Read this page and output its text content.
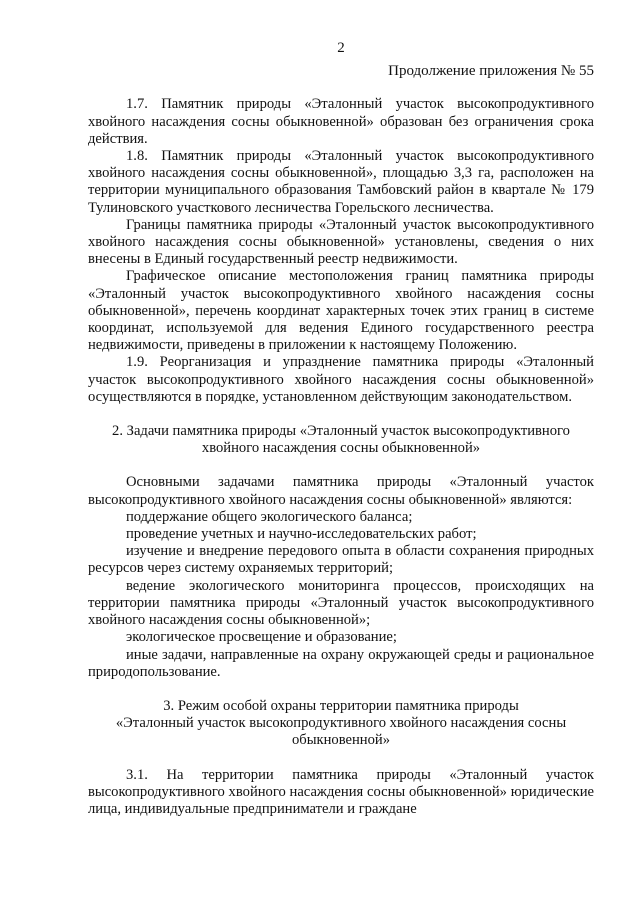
2
Продолжение приложения № 55

1.7. Памятник природы «Эталонный участок высокопродуктивного хвойного насаждения сосны обыкновенной» образован без ограничения срока действия.

1.8. Памятник природы «Эталонный участок высокопродуктивного хвойного насаждения сосны обыкновенной», площадью 3,3 га, расположен на территории муниципального образования Тамбовский район в квартале № 179 Тулиновского участкового лесничества Горельского лесничества.

Границы памятника природы «Эталонный участок высокопродуктивного хвойного насаждения сосны обыкновенной» установлены, сведения о них внесены в Единый государственный реестр недвижимости.

Графическое описание местоположения границ памятника природы «Эталонный участок высокопродуктивного хвойного насаждения сосны обыкновенной», перечень координат характерных точек этих границ в системе координат, используемой для ведения Единого государственного реестра недвижимости, приведены в приложении к настоящему Положению.

1.9. Реорганизация и упразднение памятника природы «Эталонный участок высокопродуктивного хвойного насаждения сосны обыкновенной» осуществляются в порядке, установленном действующим законодательством.

2. Задачи памятника природы «Эталонный участок высокопродуктивного
хвойного насаждения сосны обыкновенной»

Основными задачами памятника природы «Эталонный участок высокопродуктивного хвойного насаждения сосны обыкновенной» являются:

поддержание общего экологического баланса;

проведение учетных и научно-исследовательских работ;

изучение и внедрение передового опыта в области сохранения природных ресурсов через систему охраняемых территорий;

ведение экологического мониторинга процессов, происходящих на территории памятника природы «Эталонный участок высокопродуктивного хвойного насаждения сосны обыкновенной»;

экологическое просвещение и образование;

иные задачи, направленные на охрану окружающей среды и рациональное природопользование.

3. Режим особой охраны территории памятника природы
«Эталонный участок высокопродуктивного хвойного насаждения сосны
обыкновенной»

3.1. На территории памятника природы «Эталонный участок высокопродуктивного хвойного насаждения сосны обыкновенной» юридические лица, индивидуальные предприниматели и граждане
